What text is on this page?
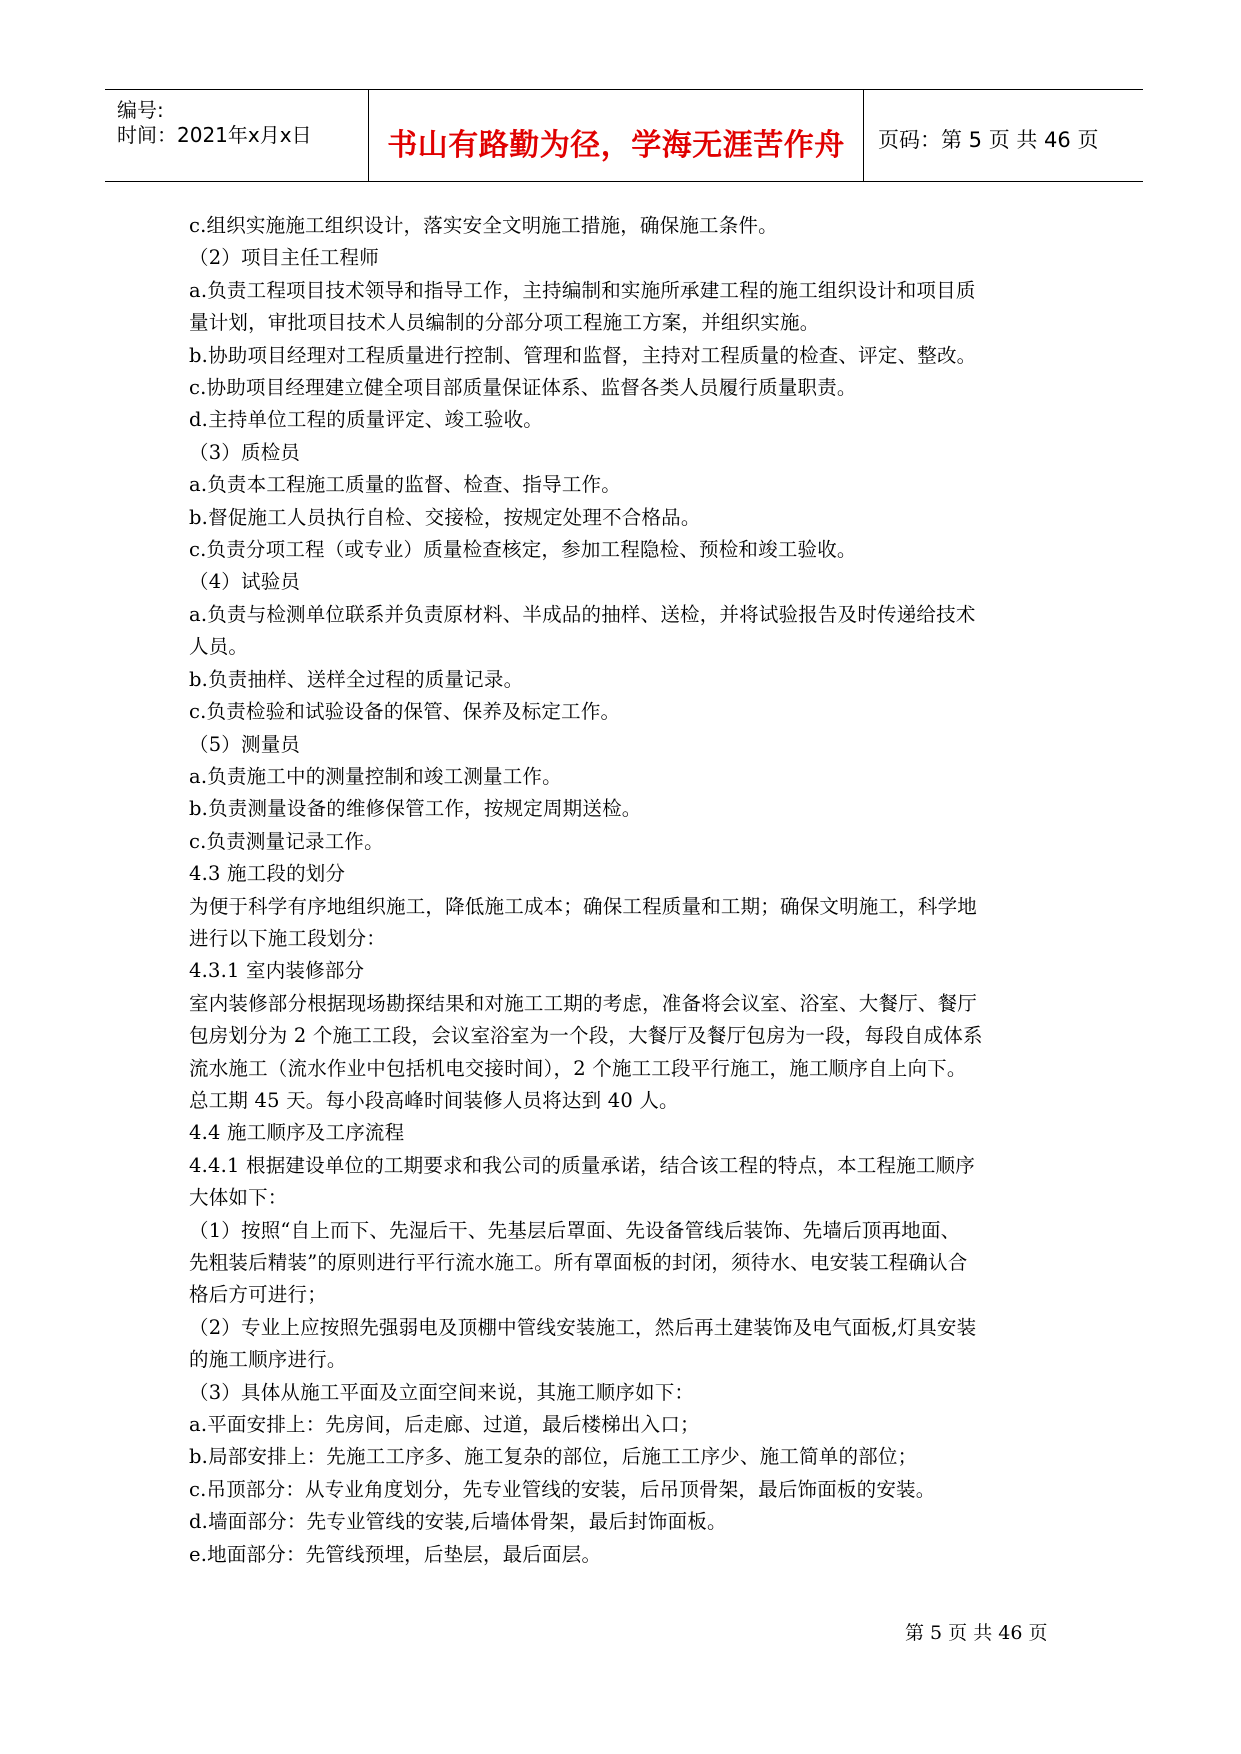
编号:
时间：2021年x月x日	书山有路勤为径，学海无涯苦作舟	页码：第 5 页 共 46 页

c.组织实施施工组织设计，落实安全文明施工措施，确保施工条件。

（2）项目主任工程师

a.负责工程项目技术领导和指导工作，主持编制和实施所承建工程的施工组织设计和项目质

量计划，审批项目技术人员编制的分部分项工程施工方案，并组织实施。

b.协助项目经理对工程质量进行控制、管理和监督，主持对工程质量的检查、评定、整改。

c.协助项目经理建立健全项目部质量保证体系、监督各类人员履行质量职责。

d.主持单位工程的质量评定、竣工验收。

（3）质检员

a.负责本工程施工质量的监督、检查、指导工作。

b.督促施工人员执行自检、交接检，按规定处理不合格品。

c.负责分项工程（或专业）质量检查核定，参加工程隐检、预检和竣工验收。

（4）试验员

a.负责与检测单位联系并负责原材料、半成品的抽样、送检，并将试验报告及时传递给技术

人员。

b.负责抽样、送样全过程的质量记录。

c.负责检验和试验设备的保管、保养及标定工作。

（5）测量员

a.负责施工中的测量控制和竣工测量工作。

b.负责测量设备的维修保管工作，按规定周期送检。

c.负责测量记录工作。

4.3 施工段的划分

为便于科学有序地组织施工，降低施工成本；确保工程质量和工期；确保文明施工，科学地

进行以下施工段划分：

4.3.1 室内装修部分

室内装修部分根据现场勘探结果和对施工工期的考虑，准备将会议室、浴室、大餐厅、餐厅

包房划分为 2 个施工工段，会议室浴室为一个段，大餐厅及餐厅包房为一段，每段自成体系

流水施工（流水作业中包括机电交接时间），2 个施工工段平行施工，施工顺序自上向下。

总工期 45 天。每小段高峰时间装修人员将达到 40 人。

4.4 施工顺序及工序流程

4.4.1 根据建设单位的工期要求和我公司的质量承诺，结合该工程的特点，本工程施工顺序

大体如下：

（1）按照“自上而下、先湿后干、先基层后罩面、先设备管线后装饰、先墙后顶再地面、

先粗装后精装”的原则进行平行流水施工。所有罩面板的封闭，须待水、电安装工程确认合

格后方可进行；

（2）专业上应按照先强弱电及顶棚中管线安装施工，然后再土建装饰及电气面板,灯具安装

的施工顺序进行。

（3）具体从施工平面及立面空间来说，其施工顺序如下：

a.平面安排上：先房间，后走廊、过道，最后楼梯出入口；

b.局部安排上：先施工工序多、施工复杂的部位，后施工工序少、施工简单的部位；

c.吊顶部分：从专业角度划分，先专业管线的安装，后吊顶骨架，最后饰面板的安装。

d.墙面部分：先专业管线的安装,后墙体骨架，最后封饰面板。

e.地面部分：先管线预埋，后垫层，最后面层。

第 5 页 共 46 页
